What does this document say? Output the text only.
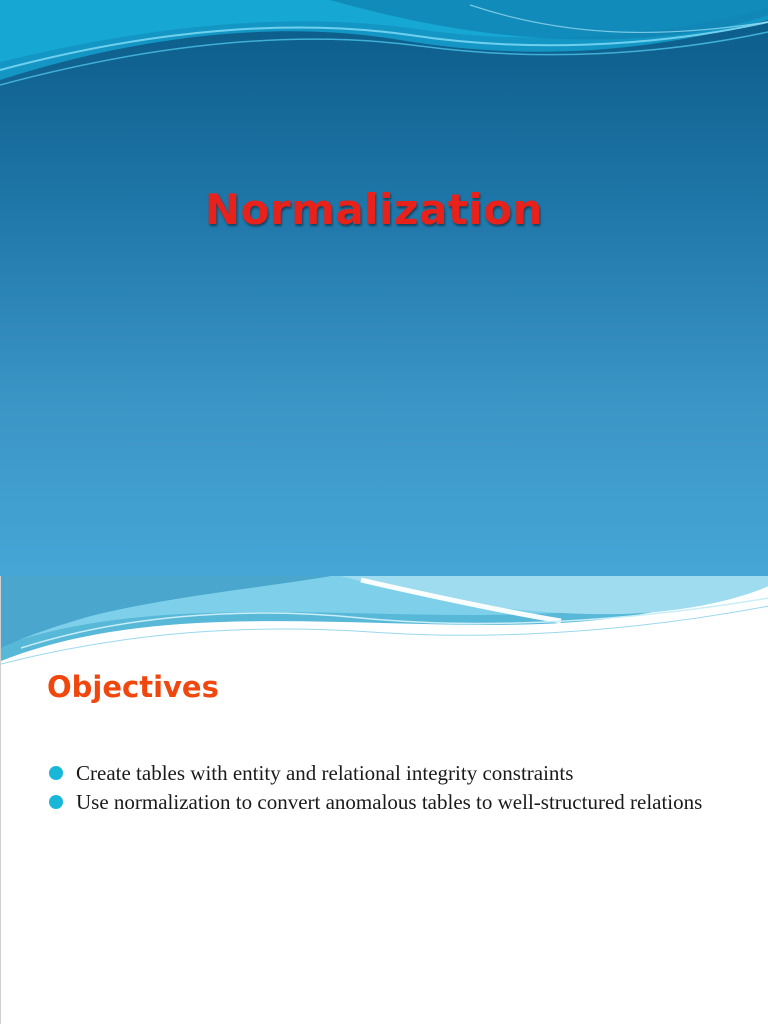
Normalization
Objectives
Create tables with entity and relational integrity constraints
Use normalization to convert anomalous tables to well-structured relations
